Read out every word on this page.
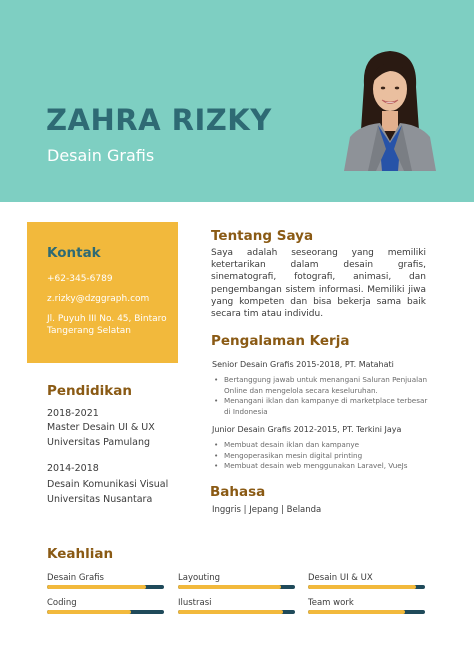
ZAHRA RIZKY
Desain Grafis
Kontak
+62-345-6789
z.rizky@dzggraph.com
Jl. Puyuh III No. 45, Bintaro
Tangerang Selatan
Pendidikan
2018-2021
Master Desain UI & UX
Universitas Pamulang
2014-2018
Desain Komunikasi Visual
Universitas Nusantara
Tentang Saya
Saya adalah seseorang yang memiliki ketertarikan dalam desain grafis, sinematografi, fotografi, animasi, dan pengembangan sistem informasi. Memiliki jiwa yang kompeten dan bisa bekerja sama baik secara tim atau individu.
Pengalaman Kerja
Senior Desain Grafis 2015-2018, PT. Matahati
• Bertanggung jawab untuk menangani Saluran Penjualan Online dan mengelola secara keseluruhan.
• Menangani iklan dan kampanye di marketplace terbesar di Indonesia
Junior Desain Grafis 2012-2015, PT. Terkini Jaya
• Membuat desain iklan dan kampanye
• Mengoperasikan mesin digital printing
• Membuat desain web menggunakan Laravel, VueJs
Bahasa
Inggris | Jepang | Belanda
Keahlian
Desain Grafis	Layouting	Desain UI & UX
Coding	Ilustrasi	Team work
